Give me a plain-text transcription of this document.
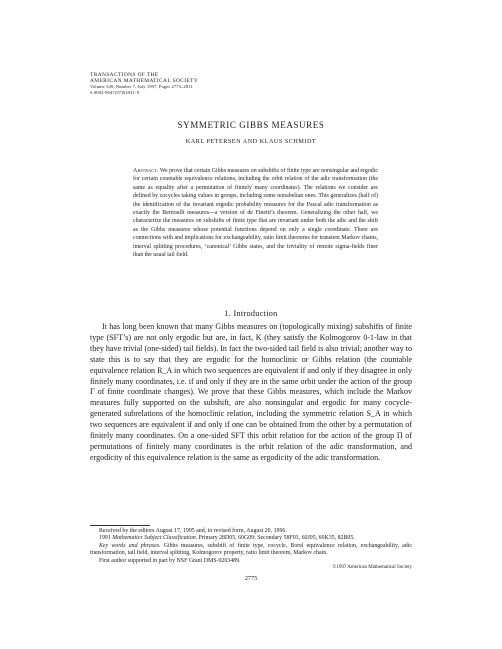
TRANSACTIONS OF THE
AMERICAN MATHEMATICAL SOCIETY
Volume 349, Number 7, July 1997, Pages 2775–2811
S 0002-9947(97)01831-X
SYMMETRIC GIBBS MEASURES
KARL PETERSEN AND KLAUS SCHMIDT
Abstract. We prove that certain Gibbs measures on subshifts of finite type are nonsingular and ergodic for certain countable equivalence relations, including the orbit relation of the adic transformation (the same as equality after a permutation of finitely many coordinates). The relations we consider are defined by cocycles taking values in groups, including some nonabelian ones. This generalizes (half of) the identification of the invariant ergodic probability measures for the Pascal adic transformation as exactly the Bernoulli measures—a version of de Finetti’s theorem. Generalizing the other half, we characterize the measures on subshifts of finite type that are invariant under both the adic and the shift as the Gibbs measures whose potential functions depend on only a single coordinate. There are connections with and implications for exchangeability, ratio limit theorems for transient Markov chains, interval splitting procedures, ‘canonical’ Gibbs states, and the triviality of remote sigma-fields finer than the usual tail field.
1. Introduction

It has long been known that many Gibbs measures on (topologically mixing) subshifts of finite type (SFT’s) are not only ergodic but are, in fact, K (they satisfy the Kolmogorov 0-1-law in that they have trivial (one-sided) tail fields). In fact the two-sided tail field is also trivial; another way to state this is to say that they are ergodic for the homoclinic or Gibbs relation (the countable equivalence relation R_A in which two sequences are equivalent if and only if they disagree in only finitely many coordinates, i.e. if and only if they are in the same orbit under the action of the group Γ of finite coordinate changes). We prove that these Gibbs measures, which include the Markov measures fully supported on the subshift, are also nonsingular and ergodic for many cocycle-generated subrelations of the homoclinic relation, including the symmetric relation S_A in which two sequences are equivalent if and only if one can be obtained from the other by a permutation of finitely many coordinates. On a one-sided SFT this orbit relation for the action of the group Π of permutations of finitely many coordinates is the orbit relation of the adic transformation, and ergodicity of this equivalence relation is the same as ergodicity of the adic transformation.

Received by the editors August 17, 1995 and, in revised form, August 20, 1996.

1991 Mathematics Subject Classification. Primary 28D05, 60G09; Secondary 58F03, 60J05, 60K35, 82B05.

Key words and phrases. Gibbs measures, subshift of finite type, cocycle, Borel equivalence relation, exchangeability, adic transformation, tail field, interval splitting, Kolmogorov property, ratio limit theorem, Markov chain.

First author supported in part by NSF Grant DMS-9203489.

©1997 American Mathematical Society
2775
